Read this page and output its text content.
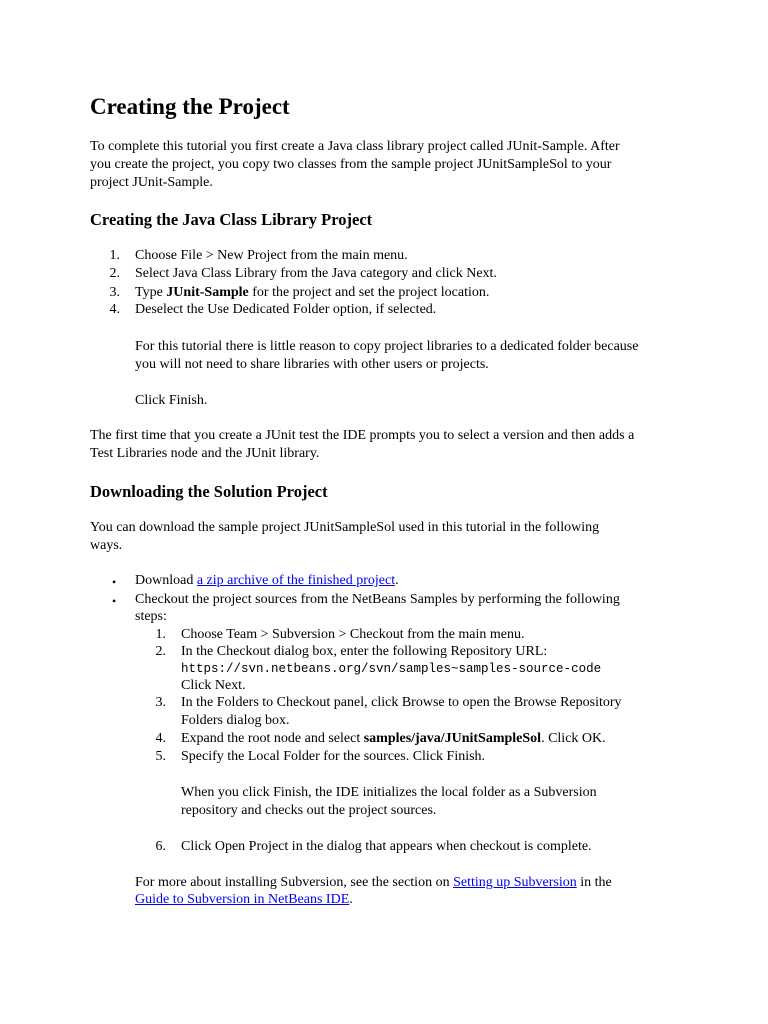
Creating the Project
To complete this tutorial you first create a Java class library project called JUnit-Sample. After
you create the project, you copy two classes from the sample project JUnitSampleSol to your
project JUnit-Sample.
Creating the Java Class Library Project
1. Choose File > New Project from the main menu.
2. Select Java Class Library from the Java category and click Next.
3. Type JUnit-Sample for the project and set the project location.
4. Deselect the Use Dedicated Folder option, if selected.
For this tutorial there is little reason to copy project libraries to a dedicated folder because
you will not need to share libraries with other users or projects.
Click Finish.
The first time that you create a JUnit test the IDE prompts you to select a version and then adds a
Test Libraries node and the JUnit library.
Downloading the Solution Project
You can download the sample project JUnitSampleSol used in this tutorial in the following
ways.
• Download a zip archive of the finished project.
• Checkout the project sources from the NetBeans Samples by performing the following
steps:
1. Choose Team > Subversion > Checkout from the main menu.
2. In the Checkout dialog box, enter the following Repository URL:
https://svn.netbeans.org/svn/samples~samples-source-code
Click Next.
3. In the Folders to Checkout panel, click Browse to open the Browse Repository
Folders dialog box.
4. Expand the root node and select samples/java/JUnitSampleSol. Click OK.
5. Specify the Local Folder for the sources. Click Finish.
When you click Finish, the IDE initializes the local folder as a Subversion
repository and checks out the project sources.
6. Click Open Project in the dialog that appears when checkout is complete.
For more about installing Subversion, see the section on Setting up Subversion in the
Guide to Subversion in NetBeans IDE.
